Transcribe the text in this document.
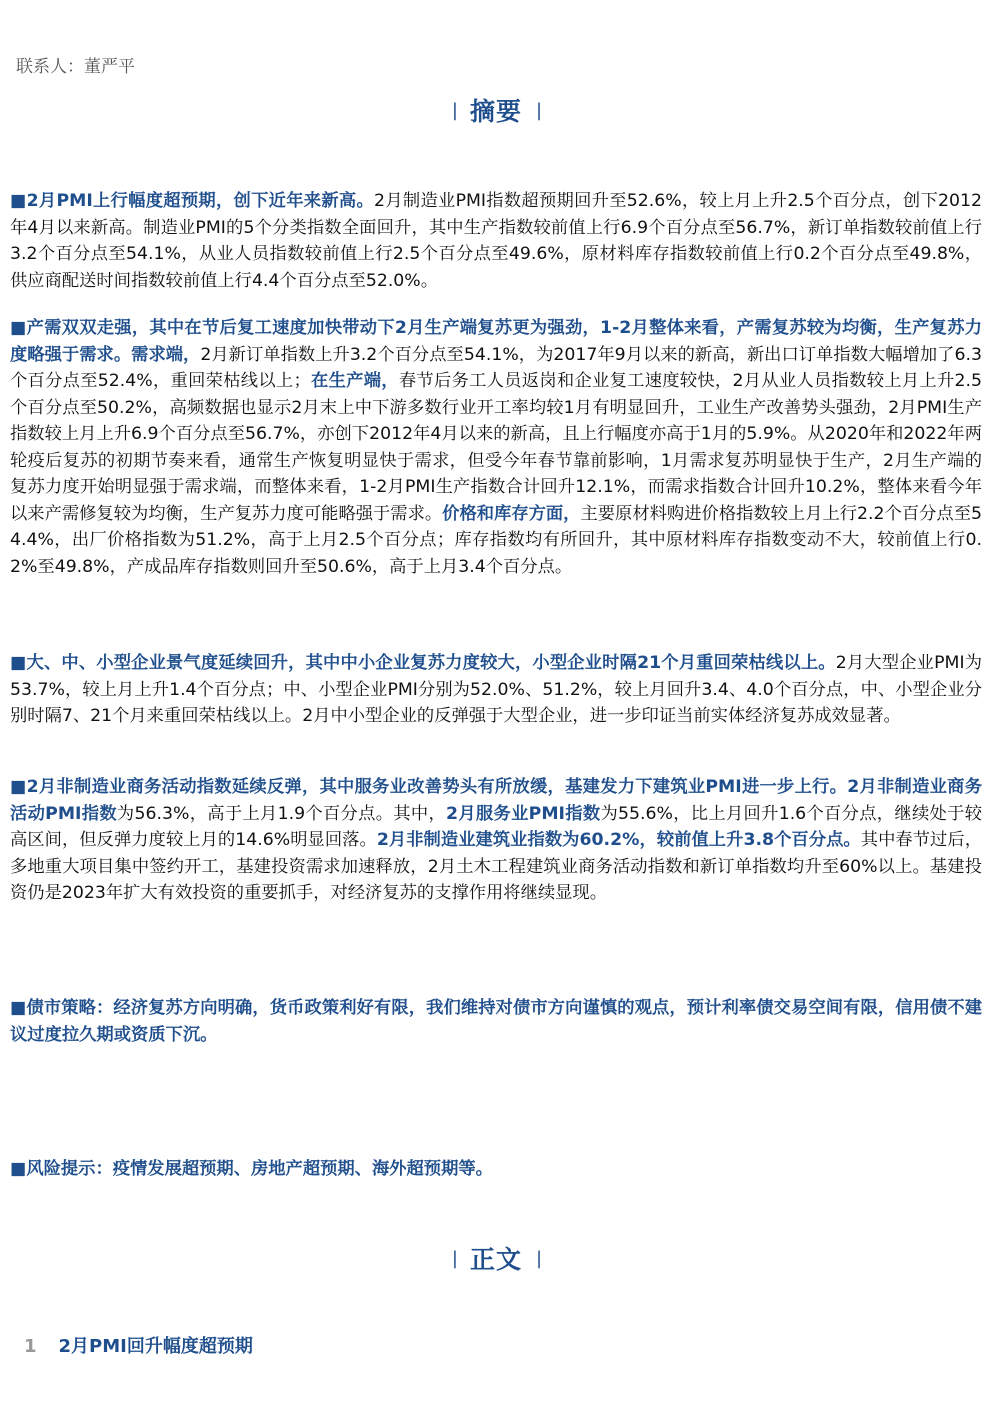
联系人：董严平
| 摘要 |
■2月PMI上行幅度超预期，创下近年来新高。2月制造业PMI指数超预期回升至52.6%，较上月上升2.5个百分点，创下2012年4月以来新高。制造业PMI的5个分类指数全面回升，其中生产指数较前值上行6.9个百分点至56.7%，新订单指数较前值上行3.2个百分点至54.1%，从业人员指数较前值上行2.5个百分点至49.6%，原材料库存指数较前值上行0.2个百分点至49.8%，供应商配送时间指数较前值上行4.4个百分点至52.0%。
■产需双双走强，其中在节后复工速度加快带动下2月生产端复苏更为强劲，1-2月整体来看，产需复苏较为均衡，生产复苏力度略强于需求。需求端，2月新订单指数上升3.2个百分点至54.1%，为2017年9月以来的新高，新出口订单指数大幅增加了6.3个百分点至52.4%，重回荣枯线以上；在生产端，春节后务工人员返岗和企业复工速度较快，2月从业人员指数较上月上升2.5个百分点至50.2%，高频数据也显示2月末上中下游多数行业开工率均较1月有明显回升，工业生产改善势头强劲，2月PMI生产指数较上月上升6.9个百分点至56.7%，亦创下2012年4月以来的新高，且上行幅度亦高于1月的5.9%。从2020年和2022年两轮疫后复苏的初期节奏来看，通常生产恢复明显快于需求，但受今年春节靠前影响，1月需求复苏明显快于生产，2月生产端的复苏力度开始明显强于需求端，而整体来看，1-2月PMI生产指数合计回升12.1%，而需求指数合计回升10.2%，整体来看今年以来产需修复较为均衡，生产复苏力度可能略强于需求。价格和库存方面，主要原材料购进价格指数较上月上行2.2个百分点至54.4%，出厂价格指数为51.2%，高于上月2.5个百分点；库存指数均有所回升，其中原材料库存指数变动不大，较前值上行0.2%至49.8%，产成品库存指数则回升至50.6%，高于上月3.4个百分点。
■大、中、小型企业景气度延续回升，其中中小企业复苏力度较大，小型企业时隔21个月重回荣枯线以上。2月大型企业PMI为53.7%，较上月上升1.4个百分点；中、小型企业PMI分别为52.0%、51.2%，较上月回升3.4、4.0个百分点，中、小型企业分别时隔7、21个月来重回荣枯线以上。2月中小型企业的反弹强于大型企业，进一步印证当前实体经济复苏成效显著。
■2月非制造业商务活动指数延续反弹，其中服务业改善势头有所放缓，基建发力下建筑业PMI进一步上行。2月非制造业商务活动PMI指数为56.3%，高于上月1.9个百分点。其中，2月服务业PMI指数为55.6%，比上月回升1.6个百分点，继续处于较高区间，但反弹力度较上月的14.6%明显回落。2月非制造业建筑业指数为60.2%，较前值上升3.8个百分点。其中春节过后，多地重大项目集中签约开工，基建投资需求加速释放，2月土木工程建筑业商务活动指数和新订单指数均升至60%以上。基建投资仍是2023年扩大有效投资的重要抓手，对经济复苏的支撑作用将继续显现。
■债市策略：经济复苏方向明确，货币政策利好有限，我们维持对债市方向谨慎的观点，预计利率债交易空间有限，信用债不建议过度拉久期或资质下沉。
■风险提示：疫情发展超预期、房地产超预期、海外超预期等。
| 正文 |
1 2月PMI回升幅度超预期
